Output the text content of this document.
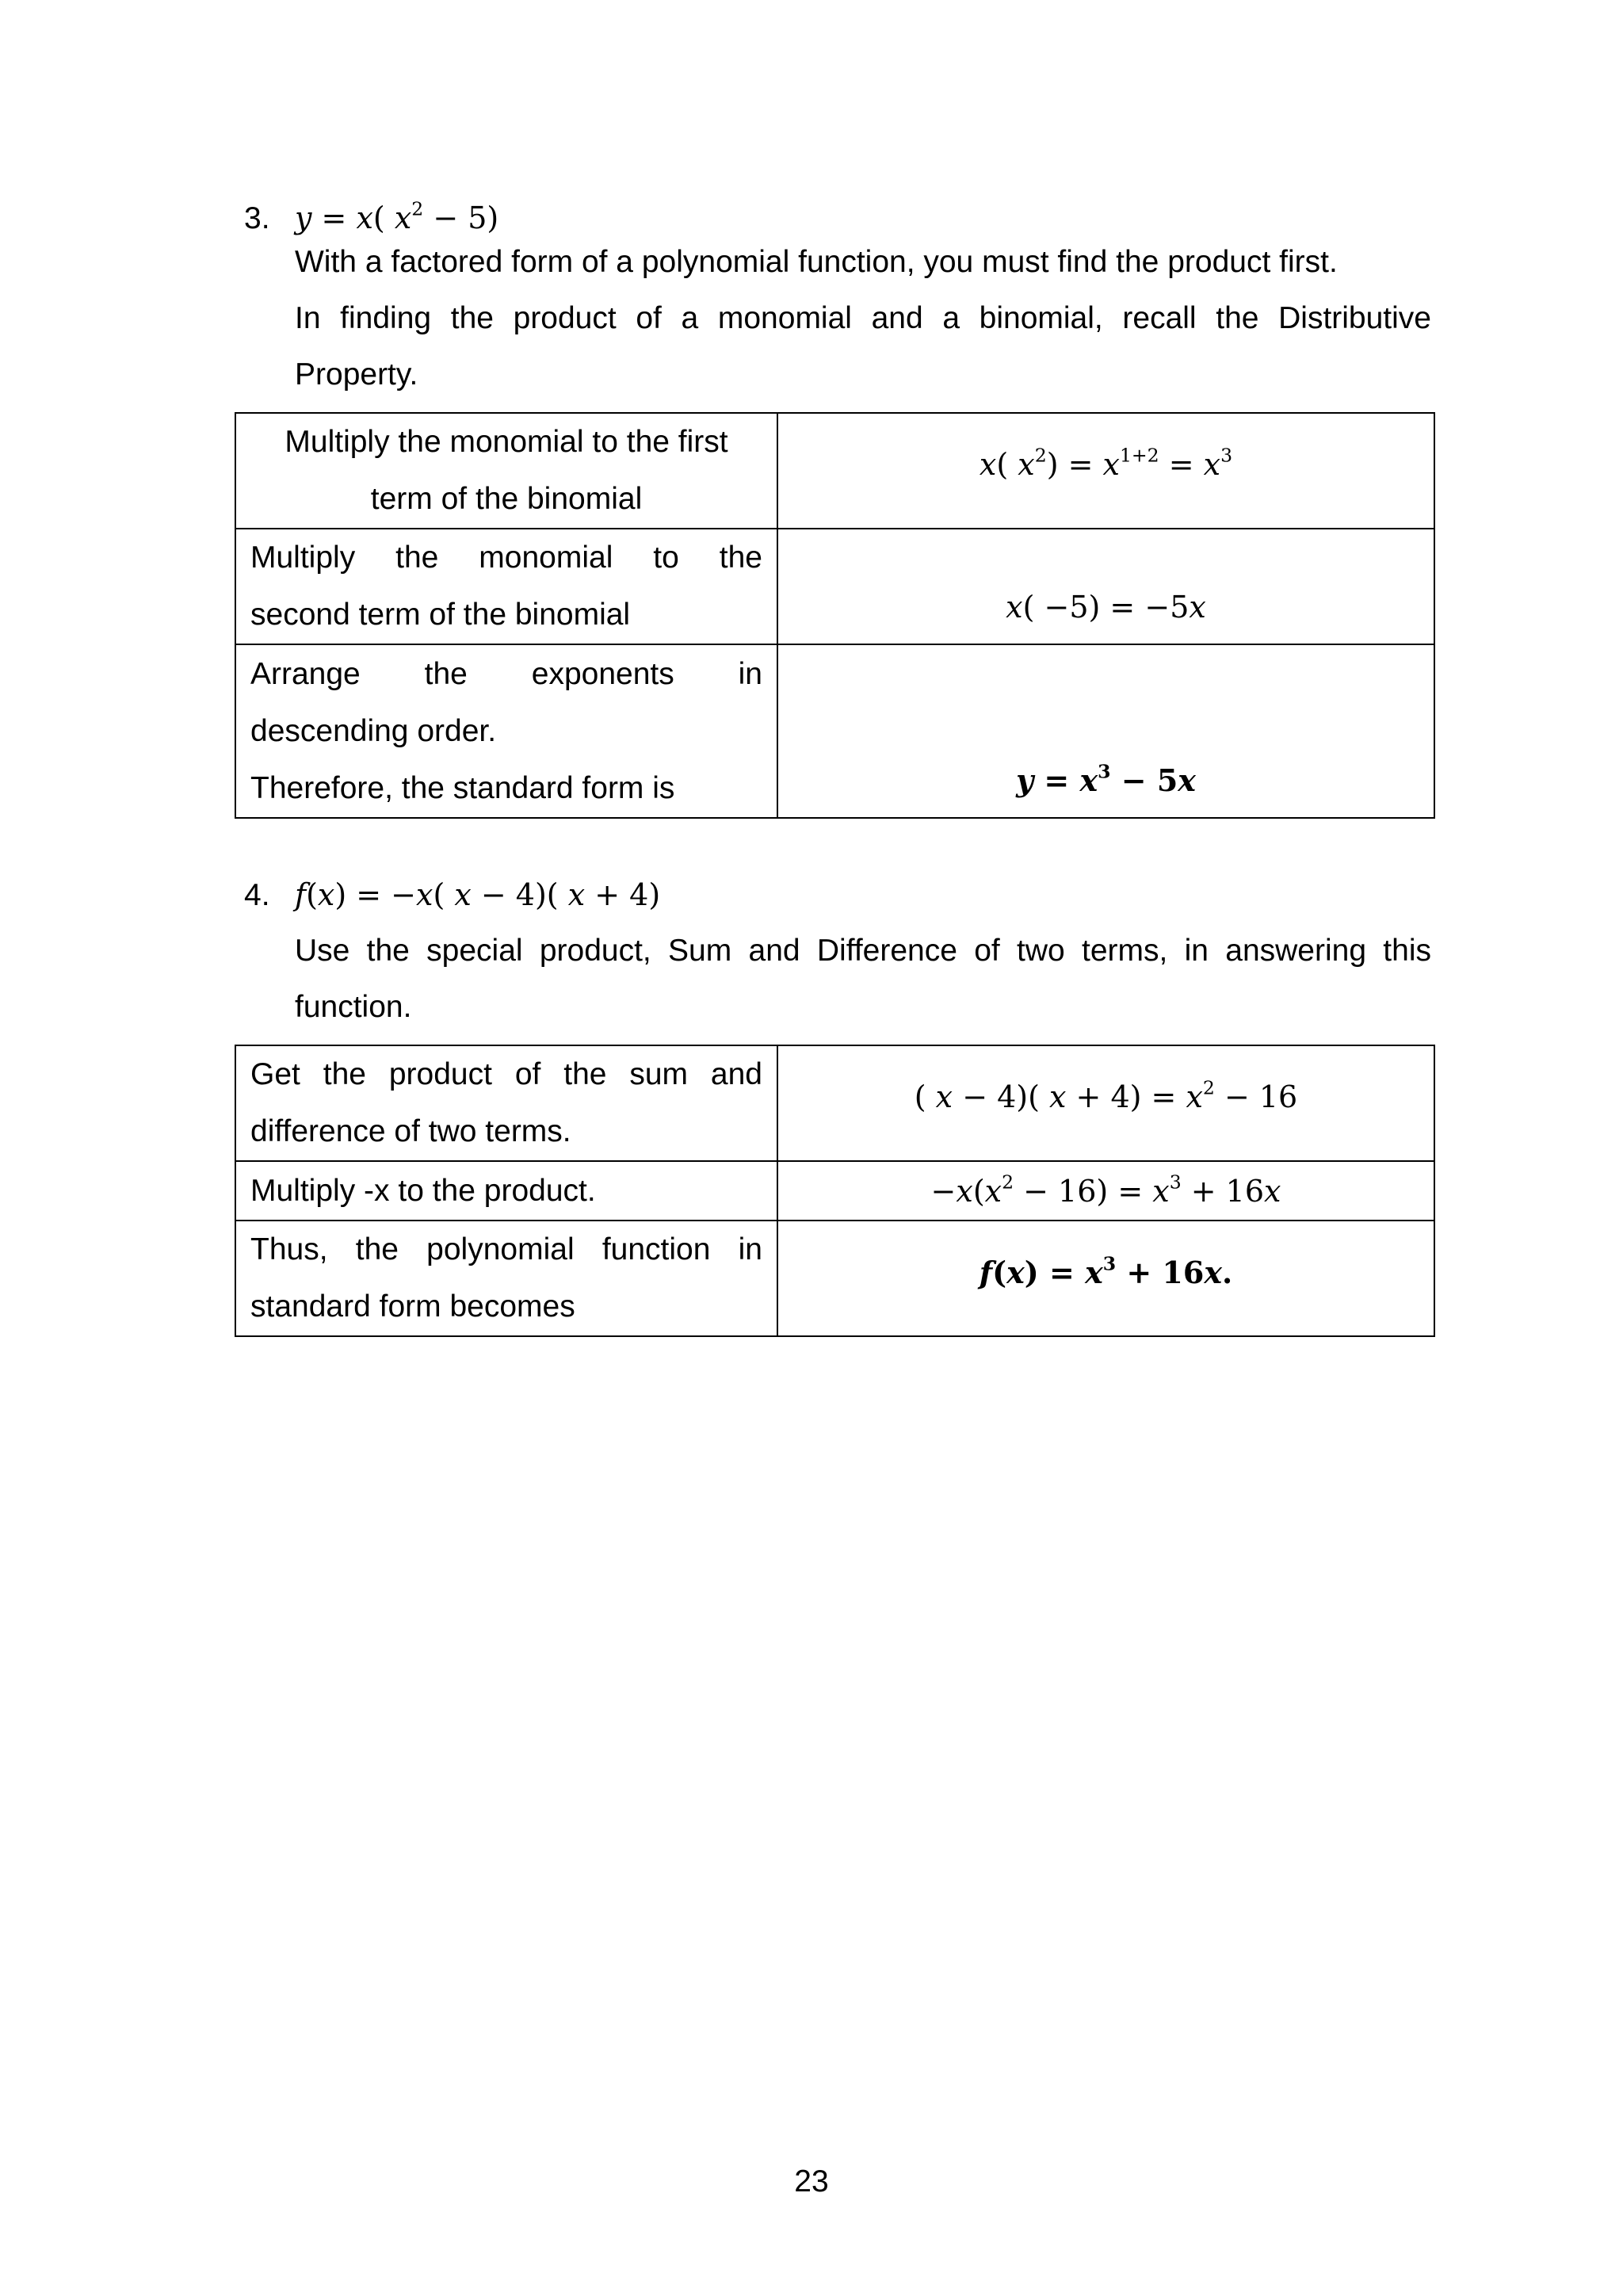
3. y = x( $x^2 - 5$)

With a factored form of a polynomial function, you must find the product first.

In finding the product of a monomial and a binomial, recall the Distributive Property.

Multiply the monomial to the first
term of the binomial	x( $x^2) = x^{1+2} = x^3$

Multiply the monomial to the
second term of the binomial	x( −5) = −5x

Arrange the exponents in
descending order.
Therefore, the standard form is	$y = x^3 - 5x$
4. f(x) = −x( x − 4)( x + 4)

Use the special product, Sum and Difference of two terms, in answering this function.

Get the product of the sum and
difference of two terms.	( x − 4)( $x + 4) = x^2 - 16$

Multiply -x to the product.	$-x(x^2 - 16) = x^3 + 16x$

Thus, the polynomial function in
standard form becomes	$f(x) = x^3 + 16x$.
23
